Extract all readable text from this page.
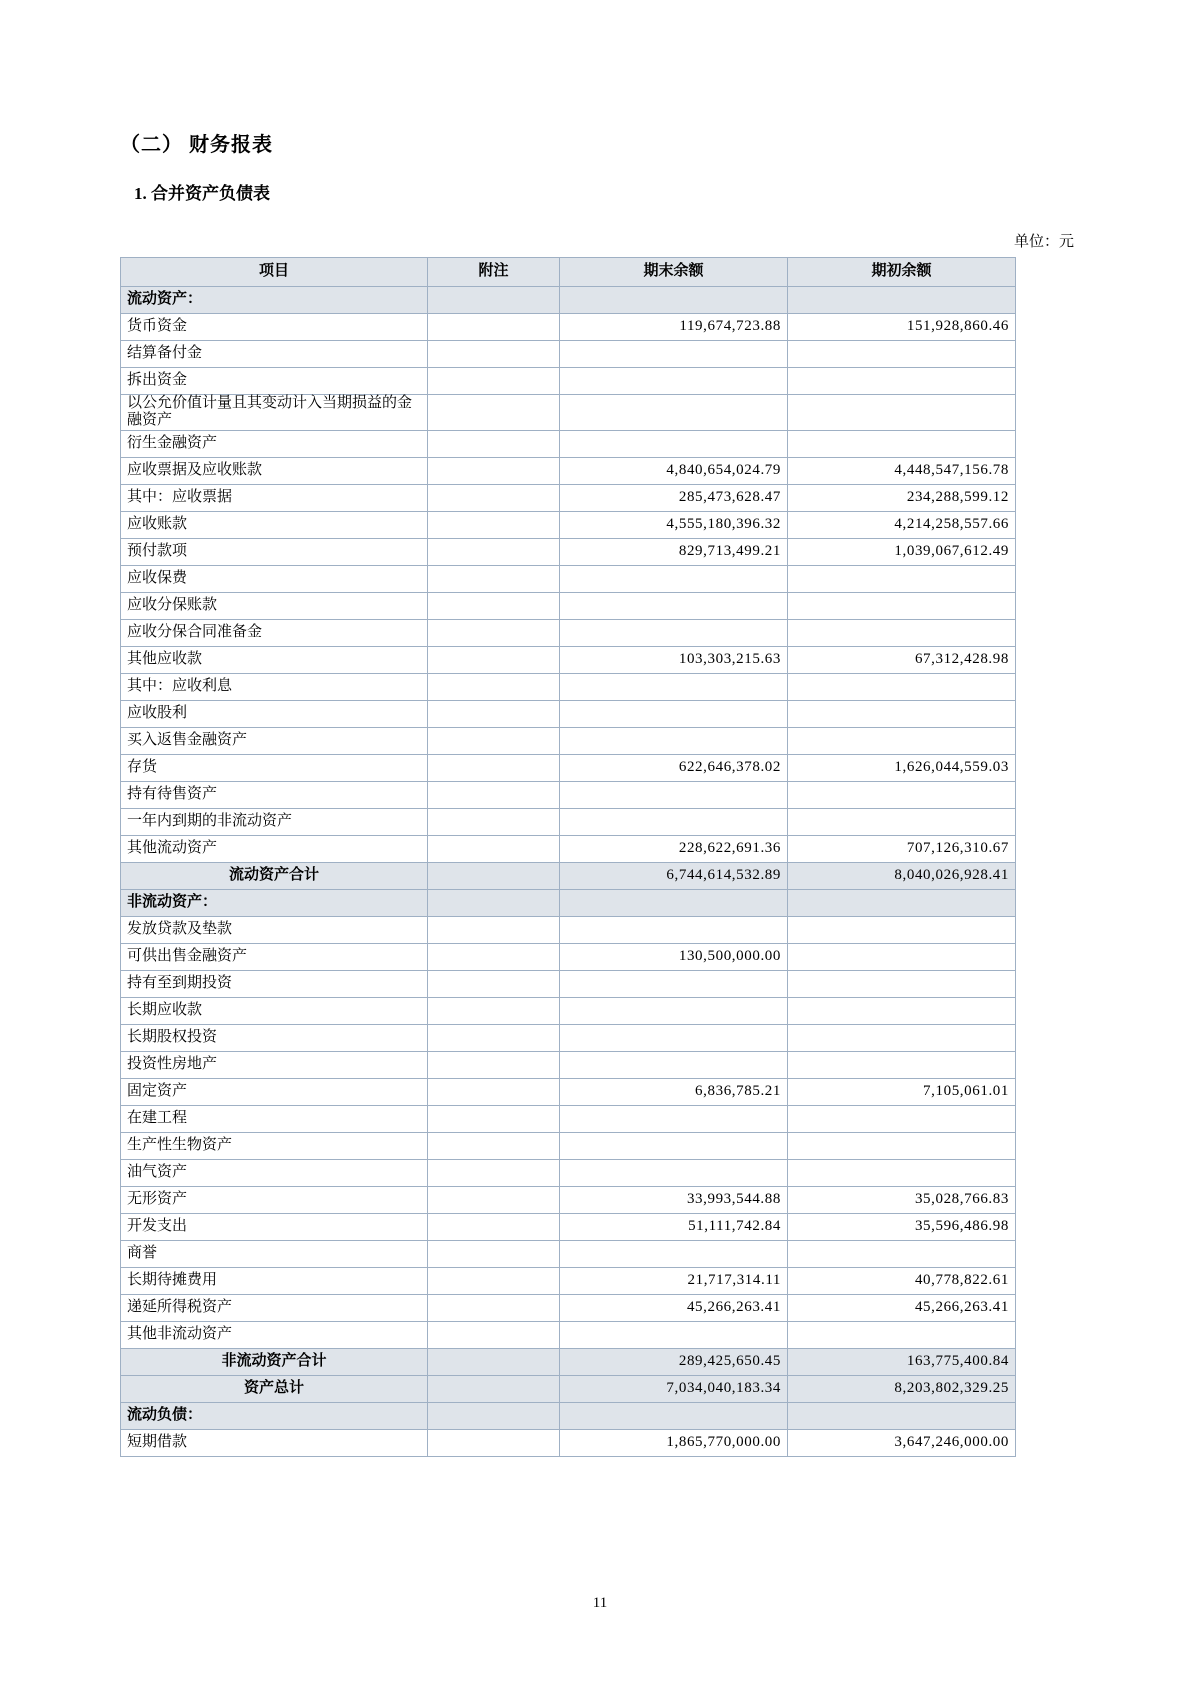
（二） 财务报表
1. 合并资产负债表
单位：元
项目	附注	期末余额	期初余额
流动资产：			
货币资金		119,674,723.88	151,928,860.46
结算备付金			
拆出资金			
以公允价值计量且其变动计入当期损益的金融资产			
衍生金融资产			
应收票据及应收账款		4,840,654,024.79	4,448,547,156.78
其中：应收票据		285,473,628.47	234,288,599.12
应收账款		4,555,180,396.32	4,214,258,557.66
预付款项		829,713,499.21	1,039,067,612.49
应收保费			
应收分保账款			
应收分保合同准备金			
其他应收款		103,303,215.63	67,312,428.98
其中：应收利息			
应收股利			
买入返售金融资产			
存货		622,646,378.02	1,626,044,559.03
持有待售资产			
一年内到期的非流动资产			
其他流动资产		228,622,691.36	707,126,310.67
流动资产合计		6,744,614,532.89	8,040,026,928.41
非流动资产：			
发放贷款及垫款			
可供出售金融资产		130,500,000.00	
持有至到期投资			
长期应收款			
长期股权投资			
投资性房地产			
固定资产		6,836,785.21	7,105,061.01
在建工程			
生产性生物资产			
油气资产			
无形资产		33,993,544.88	35,028,766.83
开发支出		51,111,742.84	35,596,486.98
商誉			
长期待摊费用		21,717,314.11	40,778,822.61
递延所得税资产		45,266,263.41	45,266,263.41
其他非流动资产			
非流动资产合计		289,425,650.45	163,775,400.84
资产总计		7,034,040,183.34	8,203,802,329.25
流动负债：			
短期借款		1,865,770,000.00	3,647,246,000.00
11
